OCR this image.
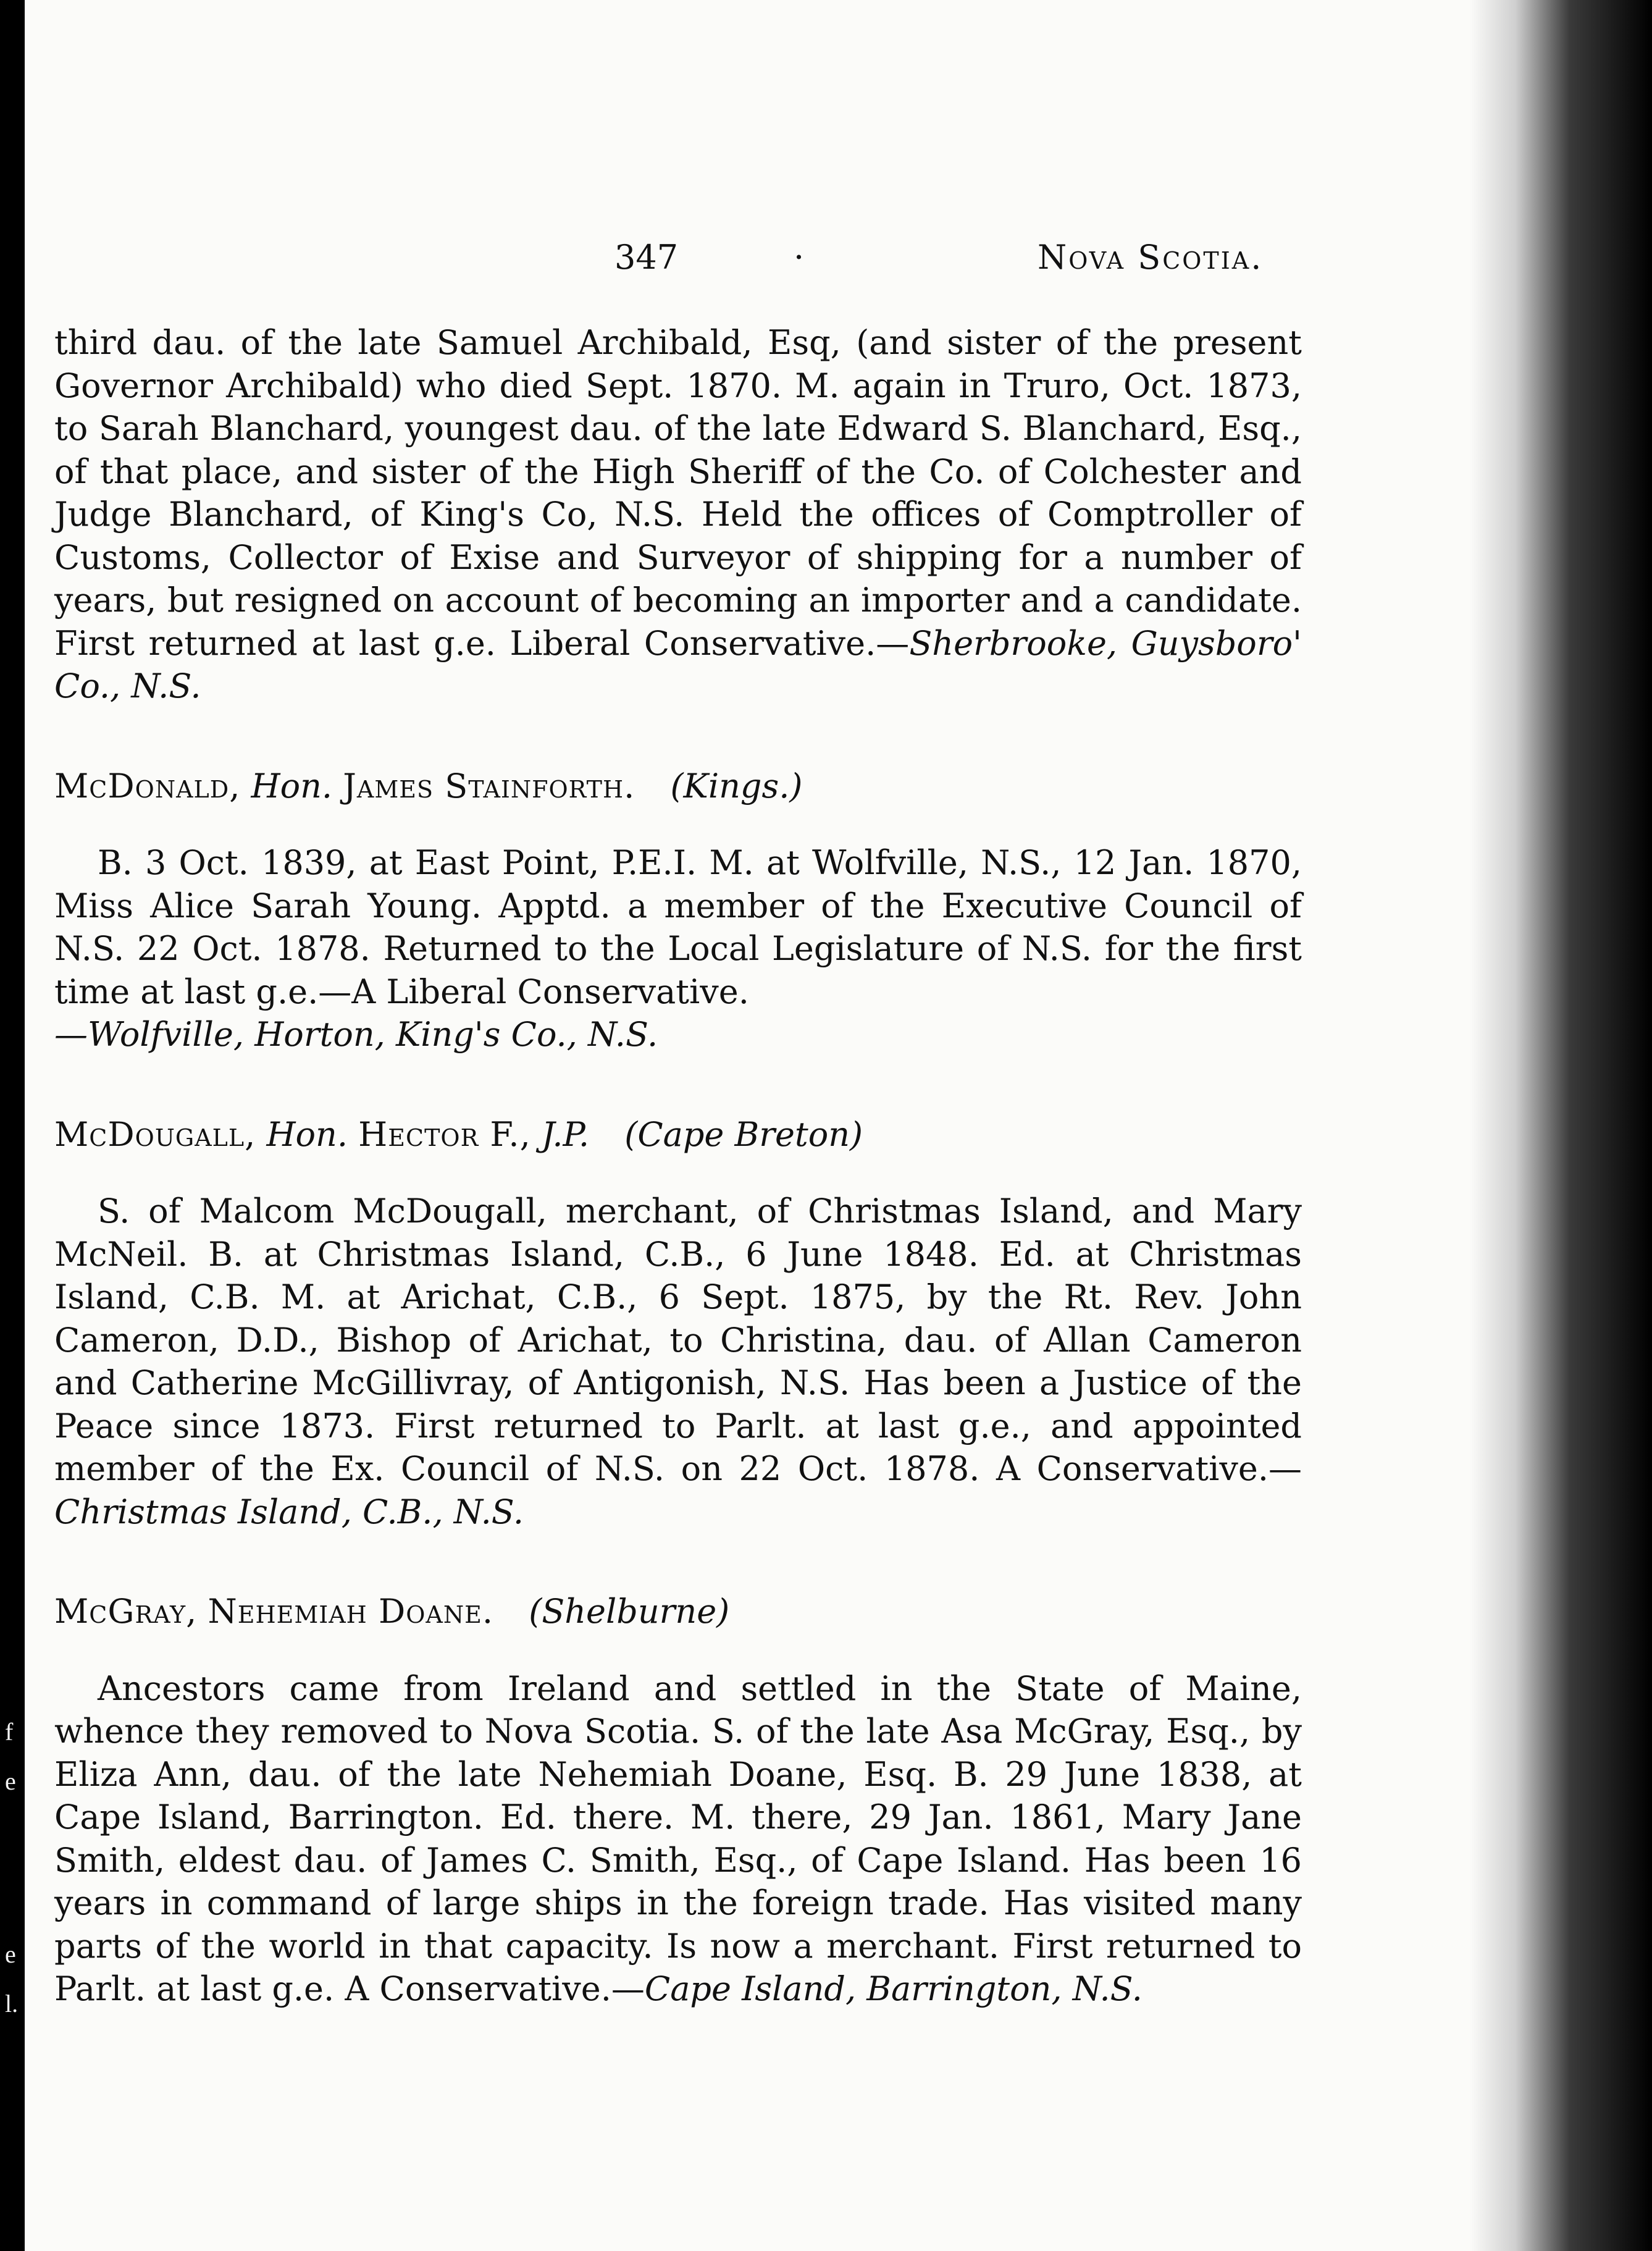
f
e
e
l.
347	·	Nova Scotia.

third dau. of the late Samuel Archibald, Esq, (and sister of the present Governor Archibald) who died Sept. 1870. M. again in Truro, Oct. 1873, to Sarah Blanchard, youngest dau. of the late Edward S. Blanchard, Esq., of that place, and sister of the High Sheriff of the Co. of Colchester and Judge Blanchard, of King's Co, N.S. Held the offices of Comptroller of Customs, Collector of Exise and Surveyor of shipping for a number of years, but resigned on account of becoming an importer and a candidate. First returned at last g.e. Liberal Conservative.—Sherbrooke, Guysboro' Co., N.S.

McDonald, Hon. James Stainforth. (Kings.)

B. 3 Oct. 1839, at East Point, P.E.I. M. at Wolfville, N.S., 12 Jan. 1870, Miss Alice Sarah Young. Apptd. a member of the Executive Council of N.S. 22 Oct. 1878. Returned to the Local Legislature of N.S. for the first time at last g.e.—A Liberal Conservative.

—Wolfville, Horton, King's Co., N.S.

McDougall, Hon. Hector F., J.P. (Cape Breton)

S. of Malcom McDougall, merchant, of Christmas Island, and Mary McNeil. B. at Christmas Island, C.B., 6 June 1848. Ed. at Christmas Island, C.B. M. at Arichat, C.B., 6 Sept. 1875, by the Rt. Rev. John Cameron, D.D., Bishop of Arichat, to Christina, dau. of Allan Cameron and Catherine McGillivray, of Antigonish, N.S. Has been a Justice of the Peace since 1873. First returned to Parlt. at last g.e., and appointed member of the Ex. Council of N.S. on 22 Oct. 1878. A Conservative.—Christmas Island, C.B., N.S.

McGray, Nehemiah Doane. (Shelburne)

Ancestors came from Ireland and settled in the State of Maine, whence they removed to Nova Scotia. S. of the late Asa McGray, Esq., by Eliza Ann, dau. of the late Nehemiah Doane, Esq. B. 29 June 1838, at Cape Island, Barrington. Ed. there. M. there, 29 Jan. 1861, Mary Jane Smith, eldest dau. of James C. Smith, Esq., of Cape Island. Has been 16 years in command of large ships in the foreign trade. Has visited many parts of the world in that capacity. Is now a merchant. First returned to Parlt. at last g.e. A Conservative.—Cape Island, Barrington, N.S.
